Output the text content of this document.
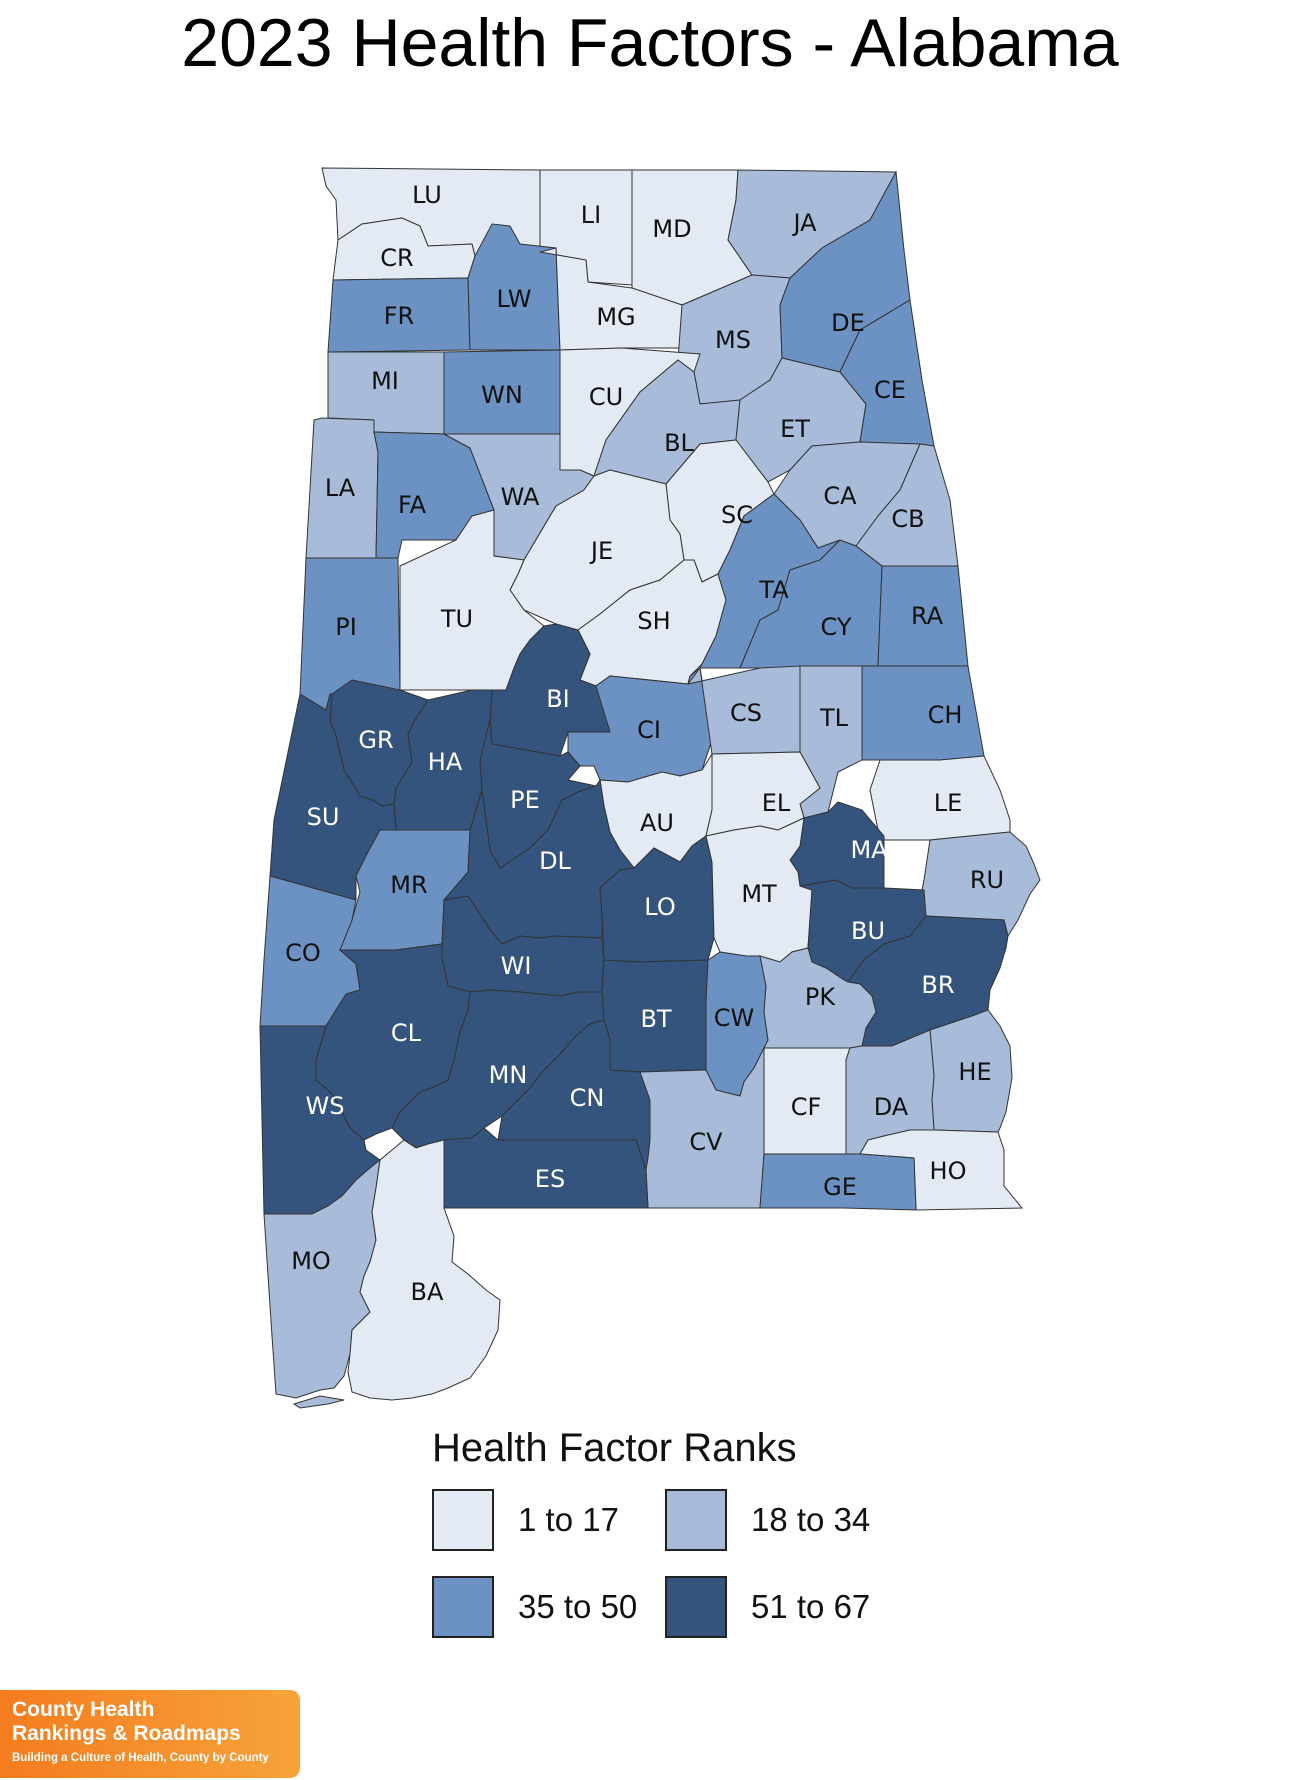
2023 Health Factors - Alabama
LU
CR
LI MD	JA
FR
LW
MG
MS
DE
MI	WN	CU
BL	ET
CE
LA
FA	WA
SC
CA
CB
JE
TU
PI	SH
TA
CY RA
BI
GR
HA
CI
CS TL	CH
SU
PE
AU
EL	LE
MR
DL	MA
RU
LO	MT
BU
CO	WI
BR
CL	BT CW
PK
HE
WS
MN
CN	CF DA
CV
ES	HO
GE
MO
BA
Health Factor Ranks
1 to 17	18 to 34
35 to 50	51 to 67
County Health
Rankings & Roadmaps
Building a Culture of Health, County by County
